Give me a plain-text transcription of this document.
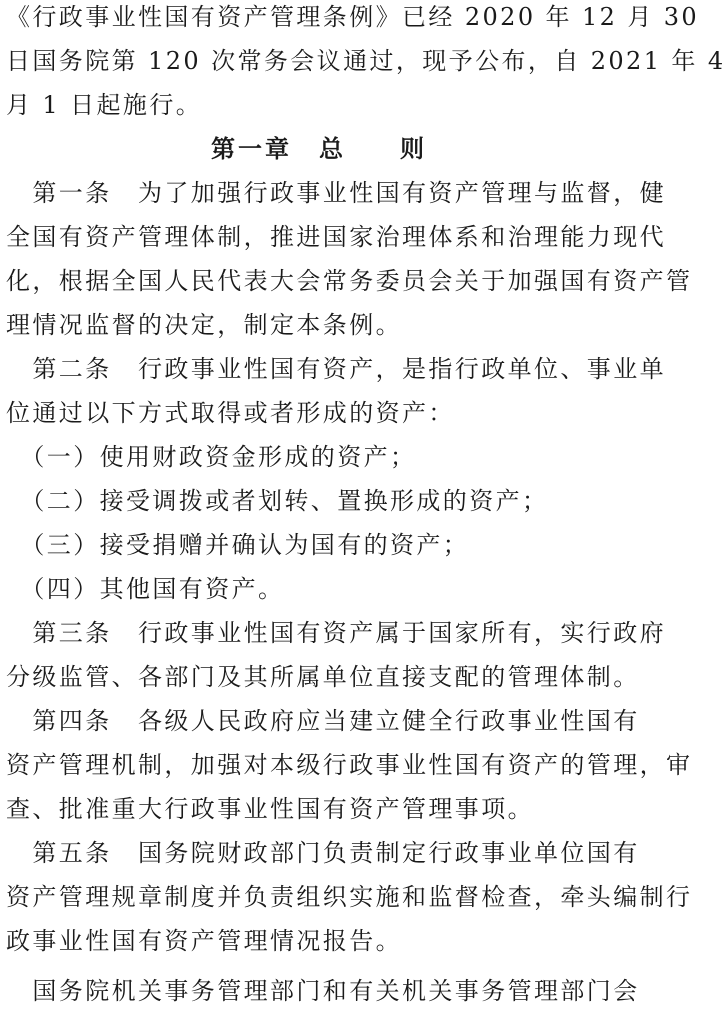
《行政事业性国有资产管理条例》已经 2020 年 12 月 30
日国务院第 120 次常务会议通过，现予公布，自 2021 年 4
月 1 日起施行。
第一章　总　　则
　第一条　为了加强行政事业性国有资产管理与监督，健
全国有资产管理体制，推进国家治理体系和治理能力现代
化，根据全国人民代表大会常务委员会关于加强国有资产管
理情况监督的决定，制定本条例。
　第二条　行政事业性国有资产，是指行政单位、事业单
位通过以下方式取得或者形成的资产：
　（一）使用财政资金形成的资产；
　（二）接受调拨或者划转、置换形成的资产；
　（三）接受捐赠并确认为国有的资产；
　（四）其他国有资产。
　第三条　行政事业性国有资产属于国家所有，实行政府
分级监管、各部门及其所属单位直接支配的管理体制。
　第四条　各级人民政府应当建立健全行政事业性国有
资产管理机制，加强对本级行政事业性国有资产的管理，审
查、批准重大行政事业性国有资产管理事项。
　第五条　国务院财政部门负责制定行政事业单位国有
资产管理规章制度并负责组织实施和监督检查，牵头编制行
政事业性国有资产管理情况报告。
　国务院机关事务管理部门和有关机关事务管理部门会
